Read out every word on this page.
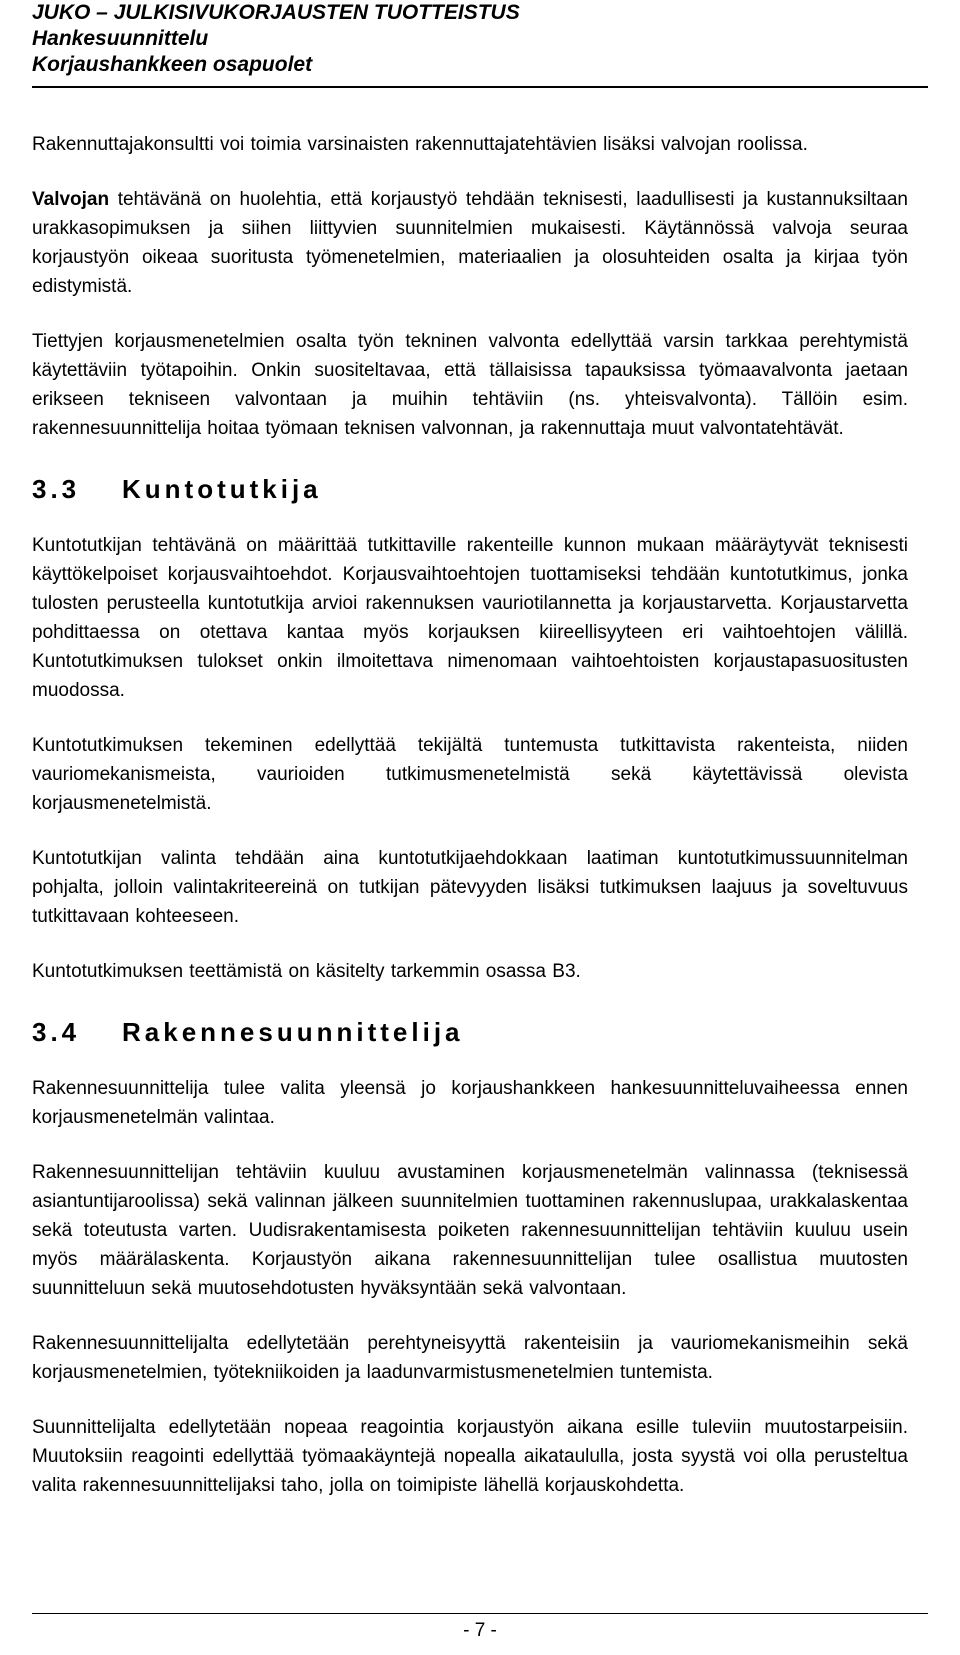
JUKO – JULKISIVUKORJAUSTEN TUOTTEISTUS
Hankesuunnittelu
Korjaushankkeen osapuolet

Rakennuttajakonsultti voi toimia varsinaisten rakennuttajatehtävien lisäksi valvojan roolissa.

Valvojan tehtävänä on huolehtia, että korjaustyö tehdään teknisesti, laadullisesti ja kustannuksiltaan urakkasopimuksen ja siihen liittyvien suunnitelmien mukaisesti. Käytännössä valvoja seuraa korjaustyön oikeaa suoritusta työmenetelmien, materiaalien ja olosuhteiden osalta ja kirjaa työn edistymistä.

Tiettyjen korjausmenetelmien osalta työn tekninen valvonta edellyttää varsin tarkkaa perehtymistä käytettäviin työtapoihin. Onkin suositeltavaa, että tällaisissa tapauksissa työmaavalvonta jaetaan erikseen tekniseen valvontaan ja muihin tehtäviin (ns. yhteisvalvonta). Tällöin esim. rakennesuunnittelija hoitaa työmaan teknisen valvonnan, ja rakennuttaja muut valvontatehtävät.

3.3 Kuntotutkija

Kuntotutkijan tehtävänä on määrittää tutkittaville rakenteille kunnon mukaan määräytyvät teknisesti käyttökelpoiset korjausvaihtoehdot. Korjausvaihtoehtojen tuottamiseksi tehdään kuntotutkimus, jonka tulosten perusteella kuntotutkija arvioi rakennuksen vauriotilannetta ja korjaustarvetta. Korjaustarvetta pohdittaessa on otettava kantaa myös korjauksen kiireellisyyteen eri vaihtoehtojen välillä. Kuntotutkimuksen tulokset onkin ilmoitettava nimenomaan vaihtoehtoisten korjaustapasuositusten muodossa.

Kuntotutkimuksen tekeminen edellyttää tekijältä tuntemusta tutkittavista rakenteista, niiden vauriomekanismeista, vaurioiden tutkimusmenetelmistä sekä käytettävissä olevista korjausmenetelmistä.

Kuntotutkijan valinta tehdään aina kuntotutkijaehdokkaan laatiman kuntotutkimussuunnitelman pohjalta, jolloin valintakriteereinä on tutkijan pätevyyden lisäksi tutkimuksen laajuus ja soveltuvuus tutkittavaan kohteeseen.

Kuntotutkimuksen teettämistä on käsitelty tarkemmin osassa B3.

3.4 Rakennesuunnittelija

Rakennesuunnittelija tulee valita yleensä jo korjaushankkeen hankesuunnitteluvaiheessa ennen korjausmenetelmän valintaa.

Rakennesuunnittelijan tehtäviin kuuluu avustaminen korjausmenetelmän valinnassa (teknisessä asiantuntijaroolissa) sekä valinnan jälkeen suunnitelmien tuottaminen rakennuslupaa, urakkalaskentaa sekä toteutusta varten. Uudisrakentamisesta poiketen rakennesuunnittelijan tehtäviin kuuluu usein myös määrälaskenta. Korjaustyön aikana rakennesuunnittelijan tulee osallistua muutosten suunnitteluun sekä muutosehdotusten hyväksyntään sekä valvontaan.

Rakennesuunnittelijalta edellytetään perehtyneisyyttä rakenteisiin ja vauriomekanismeihin sekä korjausmenetelmien, työtekniikoiden ja laadunvarmistusmenetelmien tuntemista.

Suunnittelijalta edellytetään nopeaa reagointia korjaustyön aikana esille tuleviin muutostarpeisiin. Muutoksiin reagointi edellyttää työmaakäyntejä nopealla aikataululla, josta syystä voi olla perusteltua valita rakennesuunnittelijaksi taho, jolla on toimipiste lähellä korjauskohdetta.

- 7 -
